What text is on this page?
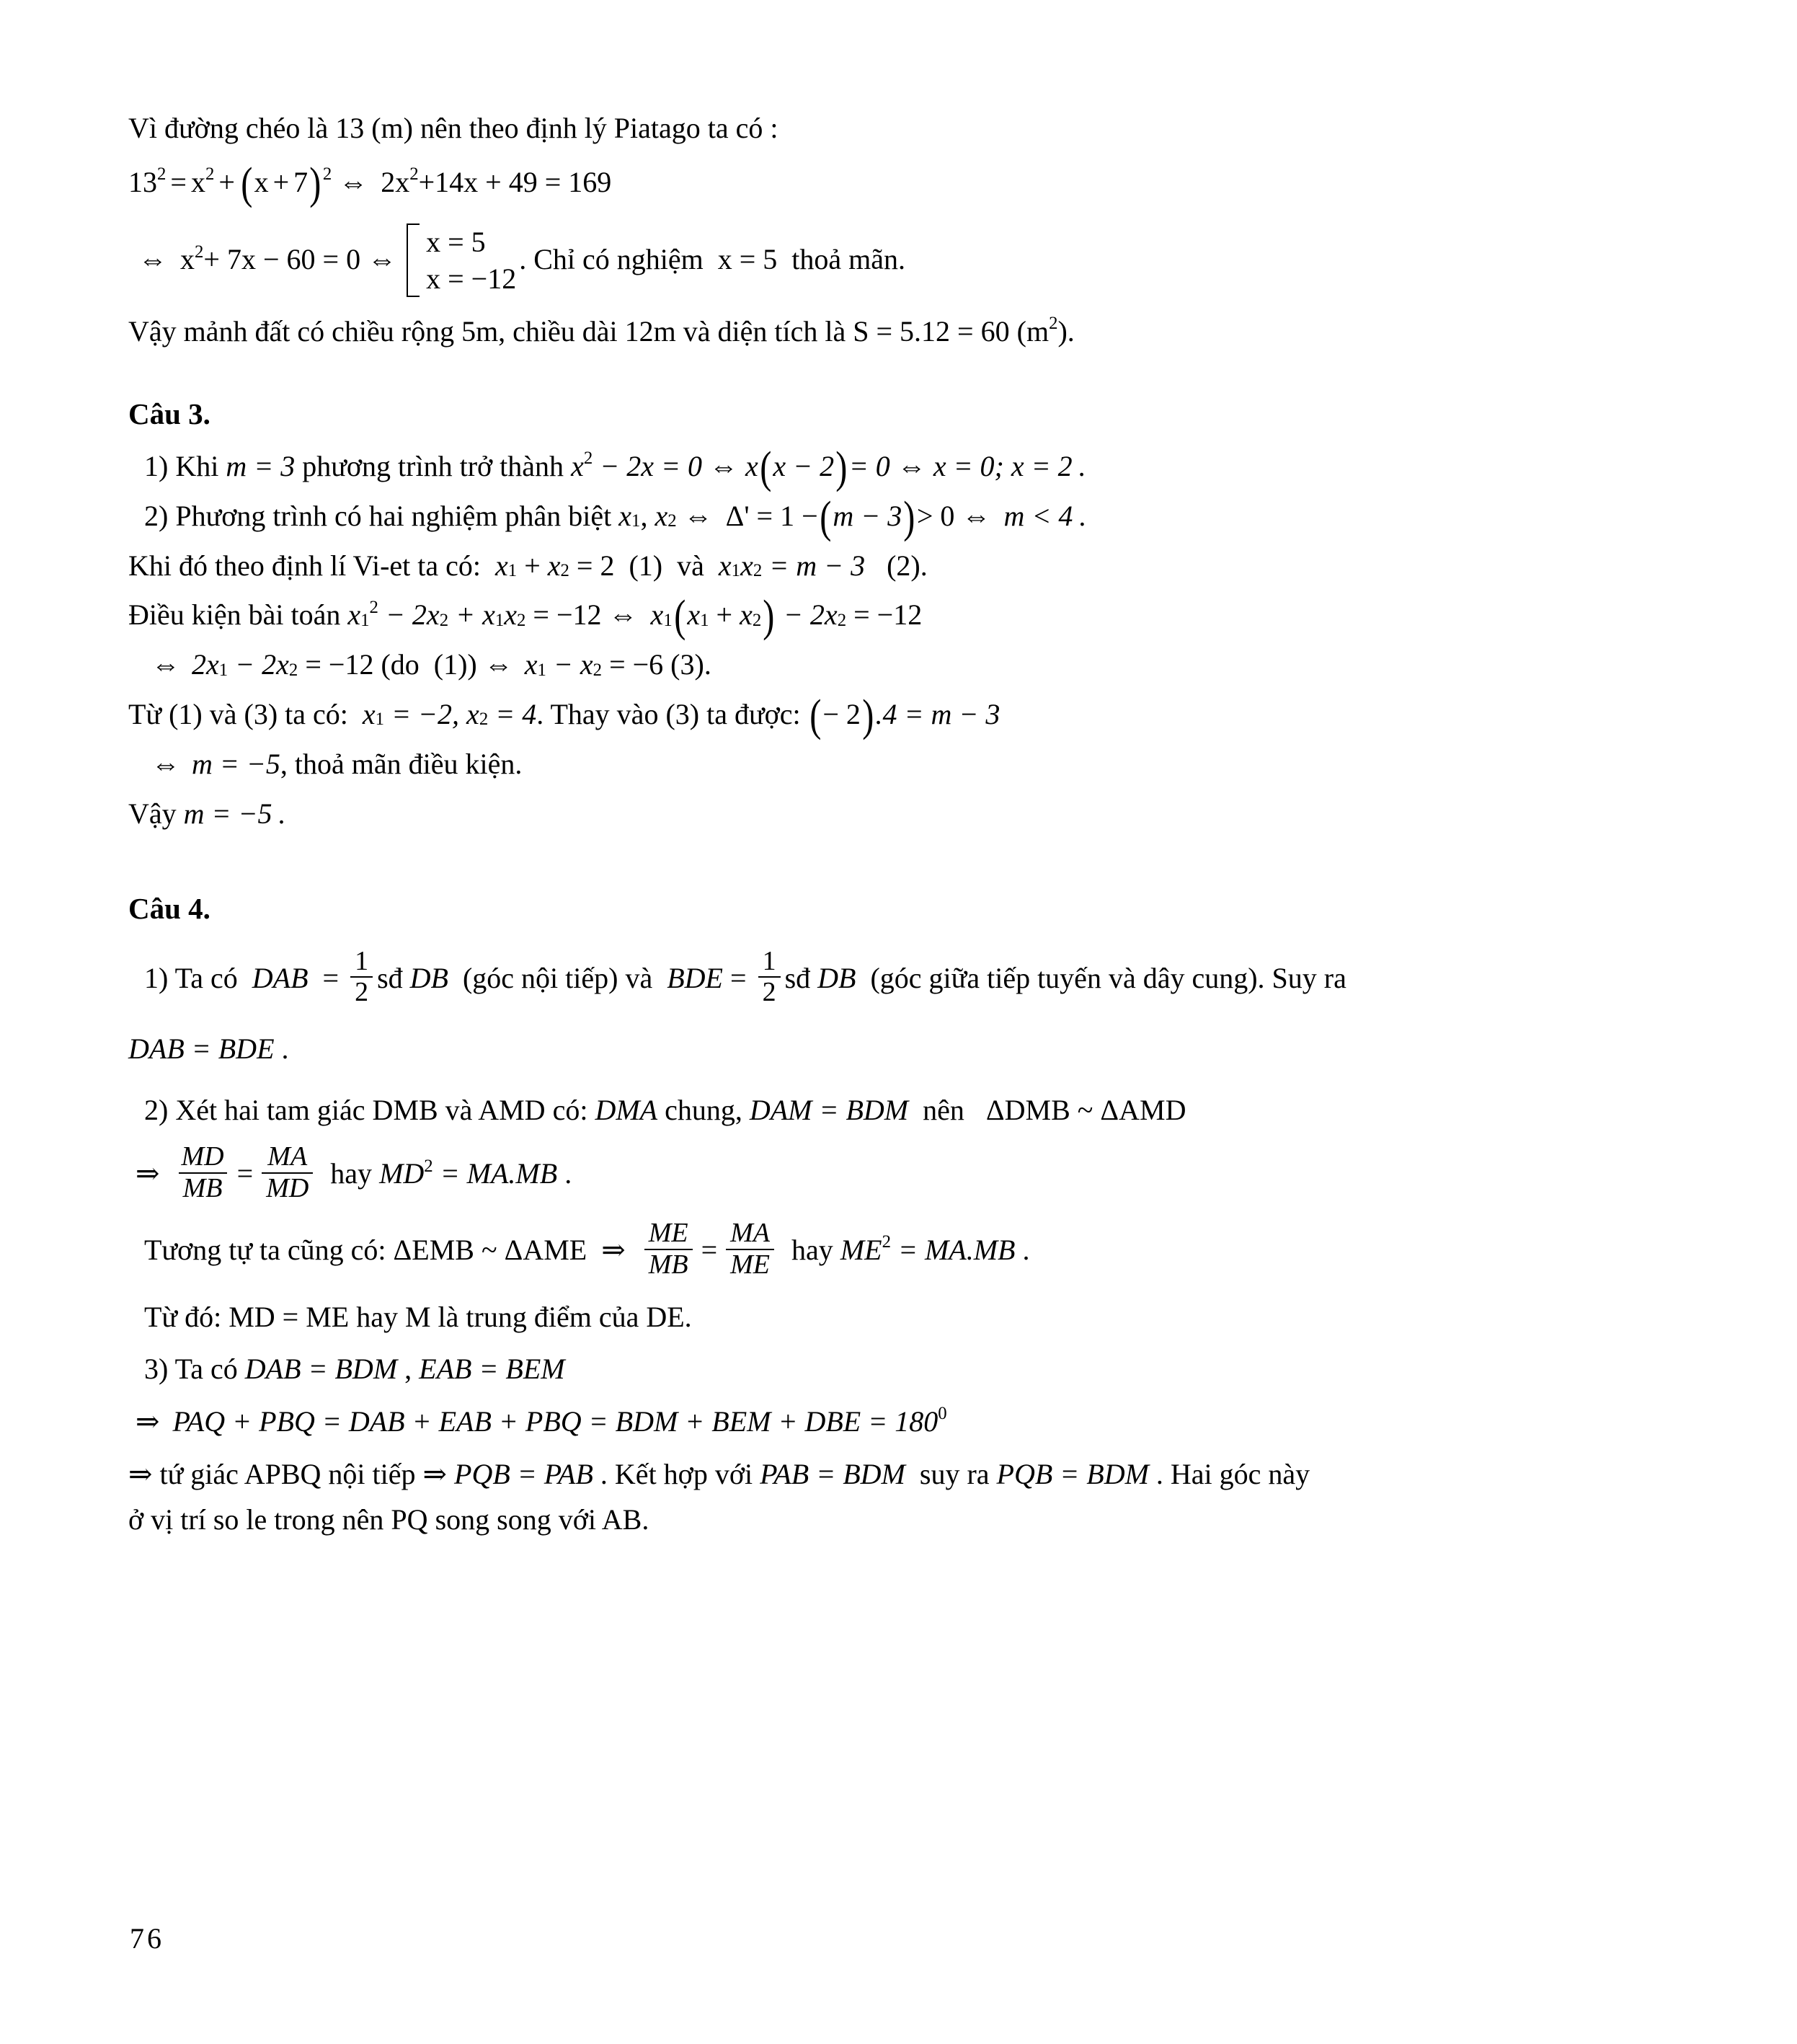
Vì đường chéo là 13 (m) nên theo định lý Piatago ta có :
13 2 = x 2 + ( x + 7 ) 2 ⇔ 2x 2 +14x + 49 = 169
⇔ x 2 + 7x − 60 = 0 ⇔
x = 5
x = −12
. Chỉ có nghiệm  x = 5  thoả mãn.
Vậy mảnh đất có chiều rộng 5m, chiều dài 12m và diện tích là S = 5.12 = 60 (m 2 ).
Câu 3.
1) Khi m = 3 phương trình trở thành x 2 − 2x = 0 ⇔ x ( x − 2 ) = 0 ⇔ x = 0; x = 2 .
2) Phương trình có hai nghiệm phân biệt x 1 , x 2 ⇔ Δ' = 1 − ( m − 3 ) > 0 ⇔ m < 4 .
Khi đó theo định lí Vi-et ta có: x 1 + x 2 = 2 (1)  và x 1 x 2 = m − 3 (2).
Điều kiện bài toán x 1
2 − 2x 2 + x 1 x 2 = −12 ⇔ x 1 ( x 1 + x 2 ) − 2x 2 = −12
⇔ 2x 1 − 2x 2 = −12 (do  (1)) ⇔ x 1 − x 2 = −6 (3).
Từ (1) và (3) ta có: x 1 = −2, x 2 = 4 . Thay vào (3) ta được: ( − 2 ) .4 = m − 3
⇔ m = −5 , thoả mãn điều kiện.
Vậy m = −5 .
Câu 4.
1) Ta có DAB = $\frac{1}{2}$ sđ DB (góc nội tiếp) và BDE = $\frac{1}{2}$ sđ DB (góc giữa tiếp tuyến và dây cung). Suy ra
DAB = BDE .
2) Xét hai tam giác DMB và AMD có: DMA chung, DAM = BDM nên ΔDMB ~ ΔAMD
⇒ $\frac{MD}{MB} = \frac{MA}{MD}$ hay MD 2 = MA.MB .
Tương tự ta cũng có: ΔEMB ~ ΔAME ⇒ $\frac{ME}{MB} = \frac{MA}{ME}$ hay ME 2 = MA.MB .
Từ đó: MD = ME hay M là trung điểm của DE.
3) Ta có DAB = BDM , EAB = BEM
⇒ PAQ + PBQ = DAB + EAB + PBQ = BDM + BEM + DBE = 180 0
⇒ tứ giác APBQ nội tiếp ⇒ PQB = PAB . Kết hợp với PAB = BDM suy ra PQB = BDM . Hai góc này
ở vị trí so le trong nên PQ song song với AB.
76
